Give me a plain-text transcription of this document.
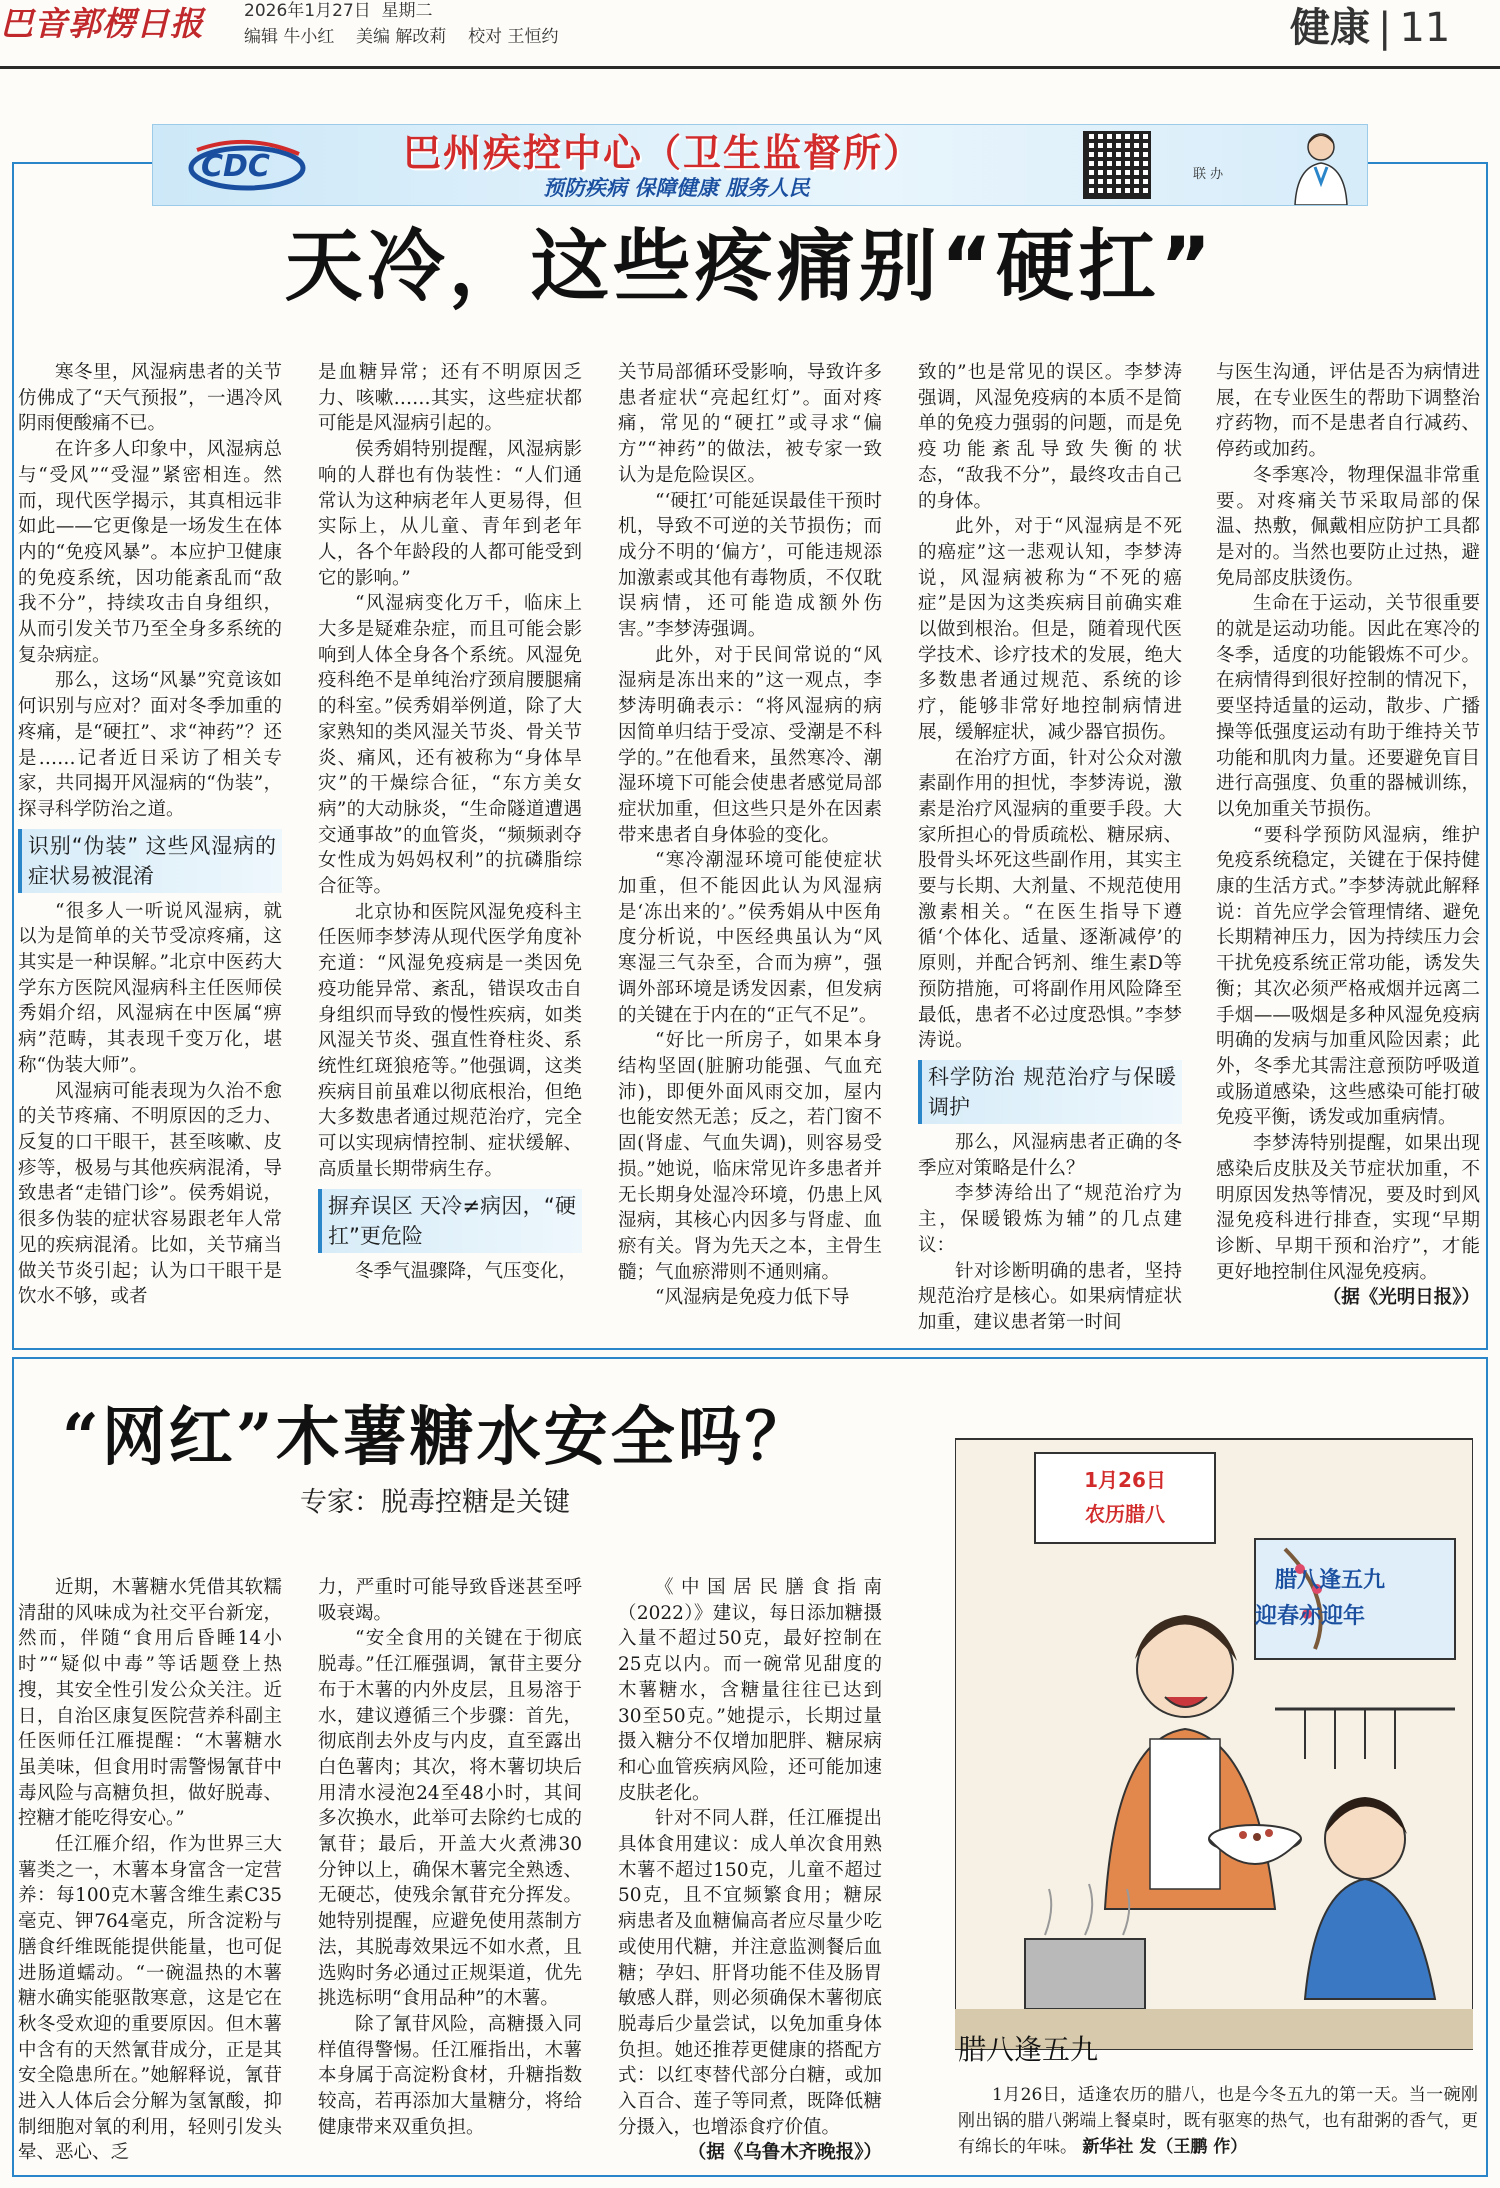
巴音郭楞日报	2026年1月27日 星期二
编辑 牛小红 美编 解改莉 校对 王恒约	健康 | 11
CDC	巴州疾控中心（卫生监督所）
预防疾病 保障健康 服务人民
联 办
天冷，这些疼痛别“硬扛”

寒冬里，风湿病患者的关节仿佛成了“天气预报”，一遇冷风阴雨便酸痛不已。

在许多人印象中，风湿病总与“受风”“受湿”紧密相连。然而，现代医学揭示，其真相远非如此——它更像是一场发生在体内的“免疫风暴”。本应护卫健康的免疫系统，因功能紊乱而“敌我不分”，持续攻击自身组织，从而引发关节乃至全身多系统的复杂病症。

那么，这场“风暴”究竟该如何识别与应对？面对冬季加重的疼痛，是“硬扛”、求“神药”？还是……记者近日采访了相关专家，共同揭开风湿病的“伪装”，探寻科学防治之道。

识别“伪装” 这些风湿病的症状易被混淆

“很多人一听说风湿病，就以为是简单的关节受凉疼痛，这其实是一种误解。”北京中医药大学东方医院风湿病科主任医师侯秀娟介绍，风湿病在中医属“痹病”范畴，其表现千变万化，堪称“伪装大师”。

风湿病可能表现为久治不愈的关节疼痛、不明原因的乏力、反复的口干眼干，甚至咳嗽、皮疹等，极易与其他疾病混淆，导致患者“走错门诊”。侯秀娟说，很多伪装的症状容易跟老年人常见的疾病混淆。比如，关节痛当做关节炎引起；认为口干眼干是饮水不够，或者

是血糖异常；还有不明原因乏力、咳嗽……其实，这些症状都可能是风湿病引起的。

侯秀娟特别提醒，风湿病影响的人群也有伪装性：“人们通常认为这种病老年人更易得，但实际上，从儿童、青年到老年人，各个年龄段的人都可能受到它的影响。”

“风湿病变化万千，临床上大多是疑难杂症，而且可能会影响到人体全身各个系统。风湿免疫科绝不是单纯治疗颈肩腰腿痛的科室。”侯秀娟举例道，除了大家熟知的类风湿关节炎、骨关节炎、痛风，还有被称为“身体旱灾”的干燥综合征，“东方美女病”的大动脉炎，“生命隧道遭遇交通事故”的血管炎，“频频剥夺女性成为妈妈权利”的抗磷脂综合征等。

北京协和医院风湿免疫科主任医师李梦涛从现代医学角度补充道：“风湿免疫病是一类因免疫功能异常、紊乱，错误攻击自身组织而导致的慢性疾病，如类风湿关节炎、强直性脊柱炎、系统性红斑狼疮等。”他强调，这类疾病目前虽难以彻底根治，但绝大多数患者通过规范治疗，完全可以实现病情控制、症状缓解、高质量长期带病生存。

摒弃误区 天冷≠病因，“硬扛”更危险

冬季气温骤降，气压变化，

关节局部循环受影响，导致许多患者症状“亮起红灯”。面对疼痛，常见的“硬扛”或寻求“偏方”“神药”的做法，被专家一致认为是危险误区。

“‘硬扛’可能延误最佳干预时机，导致不可逆的关节损伤；而成分不明的‘偏方’，可能违规添加激素或其他有毒物质，不仅耽误病情，还可能造成额外伤害。”李梦涛强调。

此外，对于民间常说的“风湿病是冻出来的”这一观点，李梦涛明确表示：“将风湿病的病因简单归结于受凉、受潮是不科学的。”在他看来，虽然寒冷、潮湿环境下可能会使患者感觉局部症状加重，但这些只是外在因素带来患者自身体验的变化。

“寒冷潮湿环境可能使症状加重，但不能因此认为风湿病是‘冻出来的’。”侯秀娟从中医角度分析说，中医经典虽认为“风寒湿三气杂至，合而为痹”，强调外部环境是诱发因素，但发病的关键在于内在的“正气不足”。

“好比一所房子，如果本身结构坚固(脏腑功能强、气血充沛)，即便外面风雨交加，屋内也能安然无恙；反之，若门窗不固(肾虚、气血失调)，则容易受损。”她说，临床常见许多患者并无长期身处湿冷环境，仍患上风湿病，其核心内因多与肾虚、血瘀有关。肾为先天之本，主骨生髓；气血瘀滞则不通则痛。

“风湿病是免疫力低下导

致的”也是常见的误区。李梦涛强调，风湿免疫病的本质不是简单的免疫力强弱的问题，而是免疫功能紊乱导致失衡的状态，“敌我不分”，最终攻击自己的身体。

此外，对于“风湿病是不死的癌症”这一悲观认知，李梦涛说，风湿病被称为“不死的癌症”是因为这类疾病目前确实难以做到根治。但是，随着现代医学技术、诊疗技术的发展，绝大多数患者通过规范、系统的诊疗，能够非常好地控制病情进展，缓解症状，减少器官损伤。

在治疗方面，针对公众对激素副作用的担忧，李梦涛说，激素是治疗风湿病的重要手段。大家所担心的骨质疏松、糖尿病、股骨头坏死这些副作用，其实主要与长期、大剂量、不规范使用激素相关。“在医生指导下遵循‘个体化、适量、逐渐减停’的原则，并配合钙剂、维生素D等预防措施，可将副作用风险降至最低，患者不必过度恐惧。”李梦涛说。

科学防治 规范治疗与保暖调护

那么，风湿病患者正确的冬季应对策略是什么？

李梦涛给出了“规范治疗为主，保暖锻炼为辅”的几点建议：

针对诊断明确的患者，坚持规范治疗是核心。如果病情症状加重，建议患者第一时间

与医生沟通，评估是否为病情进展，在专业医生的帮助下调整治疗药物，而不是患者自行减药、停药或加药。

冬季寒冷，物理保温非常重要。对疼痛关节采取局部的保温、热敷，佩戴相应防护工具都是对的。当然也要防止过热，避免局部皮肤烫伤。

生命在于运动，关节很重要的就是运动功能。因此在寒冷的冬季，适度的功能锻炼不可少。在病情得到很好控制的情况下，要坚持适量的运动，散步、广播操等低强度运动有助于维持关节功能和肌肉力量。还要避免盲目进行高强度、负重的器械训练，以免加重关节损伤。

“要科学预防风湿病，维护免疫系统稳定，关键在于保持健康的生活方式。”李梦涛就此解释说：首先应学会管理情绪、避免长期精神压力，因为持续压力会干扰免疫系统正常功能，诱发失衡；其次必须严格戒烟并远离二手烟——吸烟是多种风湿免疫病明确的发病与加重风险因素；此外，冬季尤其需注意预防呼吸道或肠道感染，这些感染可能打破免疫平衡，诱发或加重病情。

李梦涛特别提醒，如果出现感染后皮肤及关节症状加重，不明原因发热等情况，要及时到风湿免疫科进行排查，实现“早期诊断、早期干预和治疗”，才能更好地控制住风湿免疫病。

（据《光明日报》）
“网红”木薯糖水安全吗？
专家：脱毒控糖是关键

近期，木薯糖水凭借其软糯清甜的风味成为社交平台新宠，然而，伴随“食用后昏睡14小时”“疑似中毒”等话题登上热搜，其安全性引发公众关注。近日，自治区康复医院营养科副主任医师任江雁提醒：“木薯糖水虽美味，但食用时需警惕氰苷中毒风险与高糖负担，做好脱毒、控糖才能吃得安心。”

任江雁介绍，作为世界三大薯类之一，木薯本身富含一定营养：每100克木薯含维生素C35毫克、钾764毫克，所含淀粉与膳食纤维既能提供能量，也可促进肠道蠕动。“一碗温热的木薯糖水确实能驱散寒意，这是它在秋冬受欢迎的重要原因。但木薯中含有的天然氰苷成分，正是其安全隐患所在。”她解释说，氰苷进入人体后会分解为氢氰酸，抑制细胞对氧的利用，轻则引发头晕、恶心、乏

力，严重时可能导致昏迷甚至呼吸衰竭。

“安全食用的关键在于彻底脱毒。”任江雁强调，氰苷主要分布于木薯的内外皮层，且易溶于水，建议遵循三个步骤：首先，彻底削去外皮与内皮，直至露出白色薯肉；其次，将木薯切块后用清水浸泡24至48小时，其间多次换水，此举可去除约七成的氰苷；最后，开盖大火煮沸30分钟以上，确保木薯完全熟透、无硬芯，使残余氰苷充分挥发。她特别提醒，应避免使用蒸制方法，其脱毒效果远不如水煮，且选购时务必通过正规渠道，优先挑选标明“食用品种”的木薯。

除了氰苷风险，高糖摄入同样值得警惕。任江雁指出，木薯本身属于高淀粉食材，升糖指数较高，若再添加大量糖分，将给健康带来双重负担。

《中国居民膳食指南（2022）》建议，每日添加糖摄入量不超过50克，最好控制在25克以内。而一碗常见甜度的木薯糖水，含糖量往往已达到30至50克。”她提示，长期过量摄入糖分不仅增加肥胖、糖尿病和心血管疾病风险，还可能加速皮肤老化。

针对不同人群，任江雁提出具体食用建议：成人单次食用熟木薯不超过150克，儿童不超过50克，且不宜频繁食用；糖尿病患者及血糖偏高者应尽量少吃或使用代糖，并注意监测餐后血糖；孕妇、肝肾功能不佳及肠胃敏感人群，则必须确保木薯彻底脱毒后少量尝试，以免加重身体负担。她还推荐更健康的搭配方式：以红枣替代部分白糖，或加入百合、莲子等同煮，既降低糖分摄入，也增添食疗价值。

（据《乌鲁木齐晚报》）
1月26日
农历腊八
腊八逢五九
迎春亦迎年
腊八逢五九
1月26日，适逢农历的腊八，也是今冬五九的第一天。当一碗刚刚出锅的腊八粥端上餐桌时，既有驱寒的热气，也有甜粥的香气，更有绵长的年味。 新华社 发（王鹏 作）
